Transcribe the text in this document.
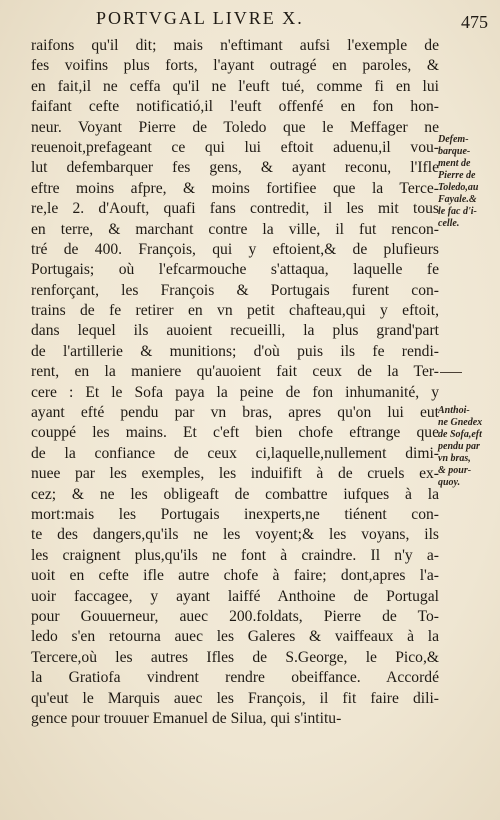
PORTVGAL LIVRE X.	475
raifons qu'il dit; mais n'eftimant aufsi l'exemple de
fes voifins plus forts, l'ayant outragé en paroles, &
en fait,il ne ceffa qu'il ne l'euft tué, comme fi en lui
faifant cefte notificatió,il l'euft offenfé en fon hon-
neur. Voyant Pierre de Toledo que le Meffager ne
reuenoit,prefageant ce qui lui eftoit aduenu,il vou-
lut defembarquer fes gens, & ayant reconu, l'Ifle
eftre moins afpre, & moins fortifiee que la Terce-
re,le 2. d'Aouft, quafi fans contredit, il les mit tous
en terre, & marchant contre la ville, il fut rencon-
tré de 400. François, qui y eftoient,& de plufieurs
Portugais; où l'efcarmouche s'attaqua, laquelle fe
renforçant, les François & Portugais furent con-
trains de fe retirer en vn petit chafteau,qui y eftoit,
dans lequel ils auoient recueilli, la plus grand'part
de l'artillerie & munitions; d'où puis ils fe rendi-
rent, en la maniere qu'auoient fait ceux de la Ter-
cere : Et le Sofa paya la peine de fon inhumanité, y
ayant efté pendu par vn bras, apres qu'on lui eut
couppé les mains. Et c'eft bien chofe eftrange que
de la confiance de ceux ci,laquelle,nullement dimi-
nuee par les exemples, les induifift à de cruels ex-
cez; & ne les obligeaft de combattre iufques à la
mort:mais les Portugais inexperts,ne tiénent con-
te des dangers,qu'ils ne les voyent;& les voyans, ils
les craignent plus,qu'ils ne font à craindre. Il n'y a-
uoit en cefte ifle autre chofe à faire; dont,apres l'a-
uoir faccagee, y ayant laiffé Anthoine de Portugal
pour Gouuerneur, auec 200.foldats, Pierre de To-
ledo s'en retourna auec les Galeres & vaiffeaux à la
Tercere,où les autres Ifles de S.George, le Pico,&
la Gratiofa vindrent rendre obeiffance. Accordé
qu'eut le Marquis auec les François, il fit faire dili-
gence pour trouuer Emanuel de Silua, qui s'intitu-
Defem-
barque-
ment de
Pierre de
Toledo,au
Fayale.&
le fac d'i-
celle.
Anthoi-
ne Gnedex
de Sofa,eft
pendu par
vn bras,
& pour-
quoy.
